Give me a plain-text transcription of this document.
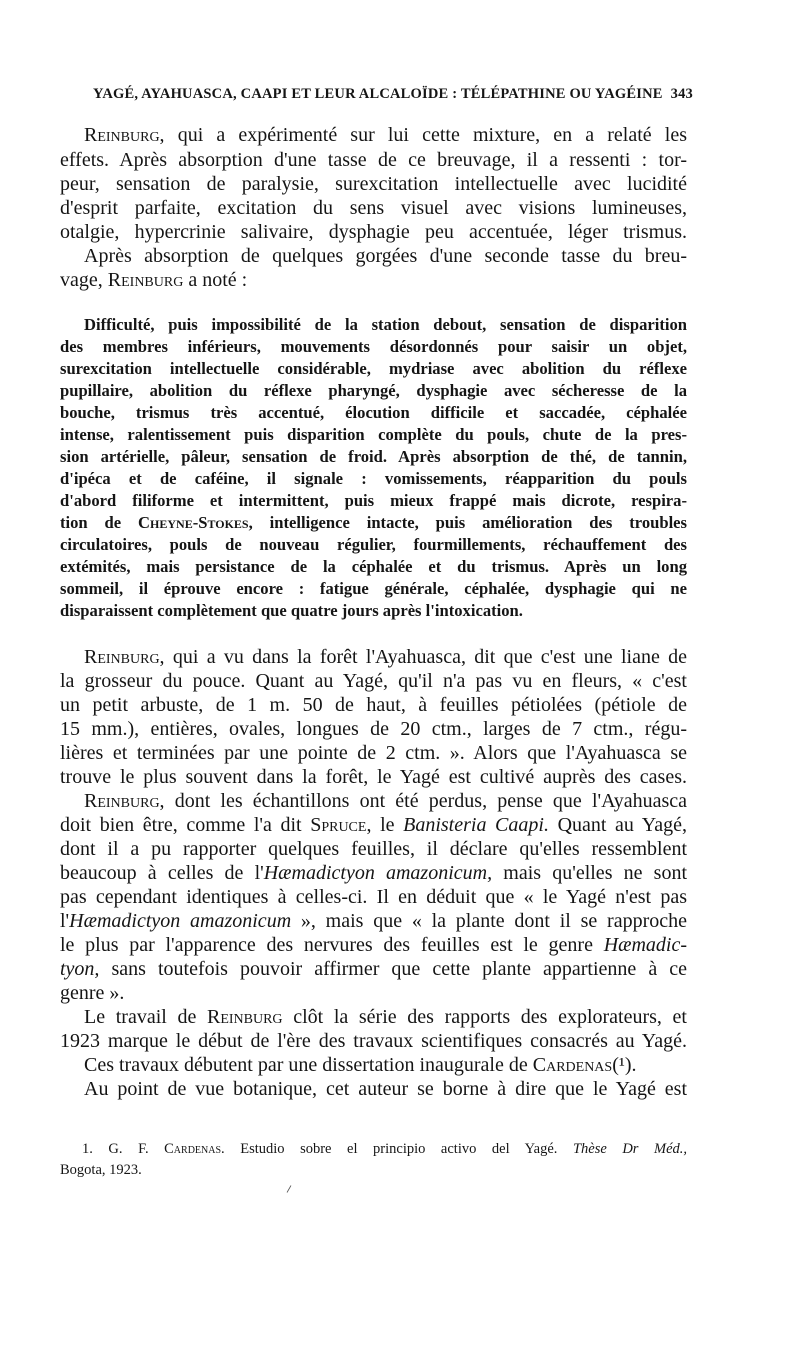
YAGÉ, AYAHUASCA, CAAPI ET LEUR ALCALOÏDE : TÉLÉPATHINE OU YAGÉINE 343
Reinburg, qui a expérimenté sur lui cette mixture, en a relaté les
effets. Après absorption d'une tasse de ce breuvage, il a ressenti : tor-
peur, sensation de paralysie, surexcitation intellectuelle avec lucidité
d'esprit parfaite, excitation du sens visuel avec visions lumineuses,
otalgie, hypercrinie salivaire, dysphagie peu accentuée, léger trismus.
Après absorption de quelques gorgées d'une seconde tasse du breu-
vage, Reinburg a noté :
Reinburg, qui a vu dans la forêt l'Ayahuasca, dit que c'est une liane de
la grosseur du pouce. Quant au Yagé, qu'il n'a pas vu en fleurs, « c'est
un petit arbuste, de 1 m. 50 de haut, à feuilles pétiolées (pétiole de
15 mm.), entières, ovales, longues de 20 ctm., larges de 7 ctm., régu-
lières et terminées par une pointe de 2 ctm. ». Alors que l'Ayahuasca se
trouve le plus souvent dans la forêt, le Yagé est cultivé auprès des cases.
Reinburg, dont les échantillons ont été perdus, pense que l'Ayahuasca
doit bien être, comme l'a dit Spruce, le Banisteria Caapi. Quant au Yagé,
dont il a pu rapporter quelques feuilles, il déclare qu'elles ressemblent
beaucoup à celles de l'Hæmadictyon amazonicum, mais qu'elles ne sont
pas cependant identiques à celles-ci. Il en déduit que « le Yagé n'est pas
l'Hæmadictyon amazonicum », mais que « la plante dont il se rapproche
le plus par l'apparence des nervures des feuilles est le genre Hæmadic-
tyon, sans toutefois pouvoir affirmer que cette plante appartienne à ce
genre ».
Le travail de Reinburg clôt la série des rapports des explorateurs, et
1923 marque le début de l'ère des travaux scientifiques consacrés au Yagé.
Ces travaux débutent par une dissertation inaugurale de Cardenas(¹).
Au point de vue botanique, cet auteur se borne à dire que le Yagé est
Difficulté, puis impossibilité de la station debout, sensation de disparition
des membres inférieurs, mouvements désordonnés pour saisir un objet,
surexcitation intellectuelle considérable, mydriase avec abolition du réflexe
pupillaire, abolition du réflexe pharyngé, dysphagie avec sécheresse de la
bouche, trismus très accentué, élocution difficile et saccadée, céphalée
intense, ralentissement puis disparition complète du pouls, chute de la pres-
sion artérielle, pâleur, sensation de froid. Après absorption de thé, de tannin,
d'ipéca et de caféine, il signale : vomissements, réapparition du pouls
d'abord filiforme et intermittent, puis mieux frappé mais dicrote, respira-
tion de Cheyne-Stokes, intelligence intacte, puis amélioration des troubles
circulatoires, pouls de nouveau régulier, fourmillements, réchauffement des
extémités, mais persistance de la céphalée et du trismus. Après un long
sommeil, il éprouve encore : fatigue générale, céphalée, dysphagie qui ne
disparaissent complètement que quatre jours après l'intoxication.
1. G. F. Cardenas. Estudio sobre el principio activo del Yagé. Thèse Dr Méd.,
Bogota, 1923.
